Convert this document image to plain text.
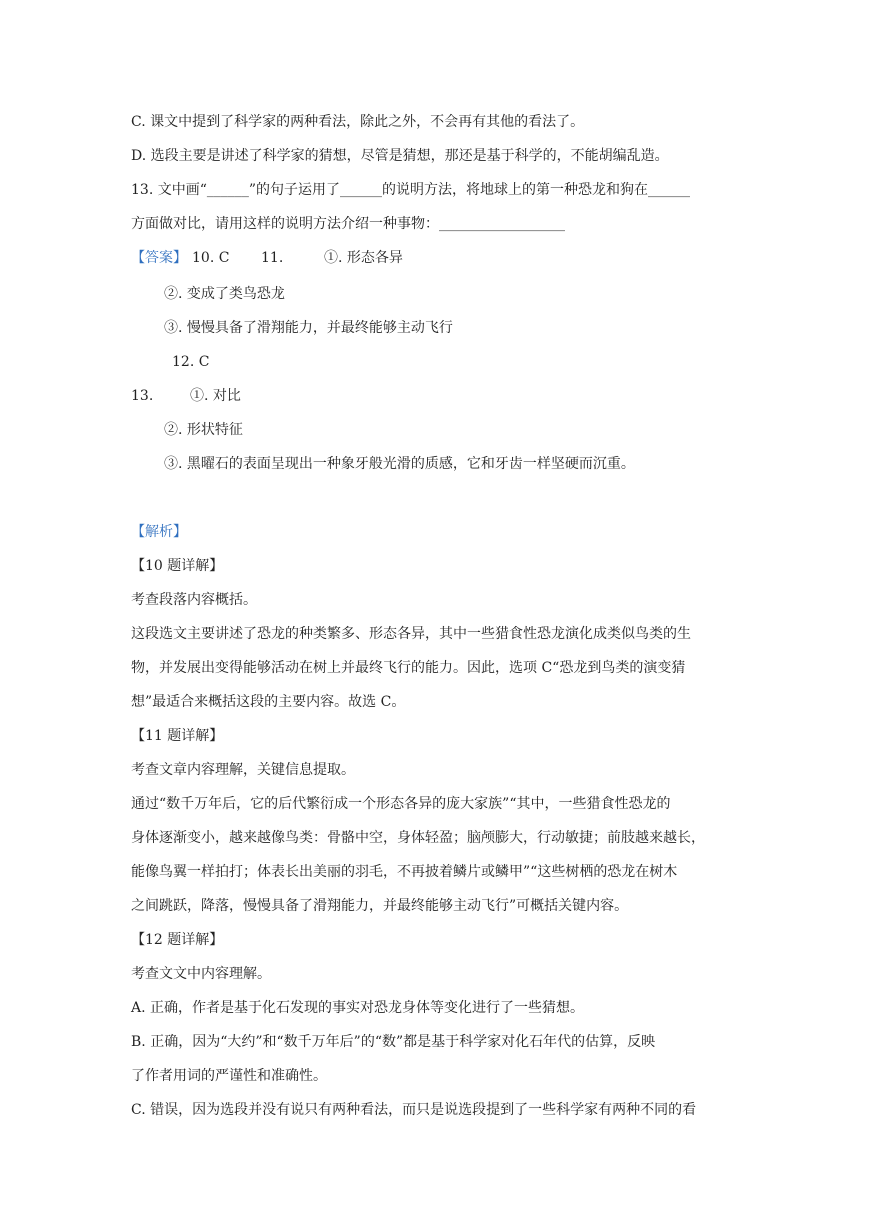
C. 课文中提到了科学家的两种看法，除此之外，不会再有其他的看法了。
D. 选段主要是讲述了科学家的猜想，尽管是猜想，那还是基于科学的，不能胡编乱造。
13. 文中画“______”的句子运用了______的说明方法，将地球上的第一种恐龙和狗在______
方面做对比，请用这样的说明方法介绍一种事物：__________________
【答案】 10. C 11.	①. 形态各异
②. 变成了类鸟恐龙
③. 慢慢具备了滑翔能力，并最终能够主动飞行
12. C
13.	①. 对比
②. 形状特征
③. 黑曜石的表面呈现出一种象牙般光滑的质感，它和牙齿一样坚硬而沉重。
【解析】
【10 题详解】
考查段落内容概括。
这段选文主要讲述了恐龙的种类繁多、形态各异，其中一些猎食性恐龙演化成类似鸟类的生
物，并发展出变得能够活动在树上并最终飞行的能力。因此，选项 C“恐龙到鸟类的演变猜
想”最适合来概括这段的主要内容。故选 C。
【11 题详解】
考查文章内容理解，关键信息提取。
通过“数千万年后，它的后代繁衍成一个形态各异的庞大家族”“其中，一些猎食性恐龙的
身体逐渐变小，越来越像鸟类：骨骼中空，身体轻盈；脑颅膨大，行动敏捷；前肢越来越长，
能像鸟翼一样拍打；体表长出美丽的羽毛，不再披着鳞片或鳞甲”“这些树栖的恐龙在树木
之间跳跃，降落，慢慢具备了滑翔能力，并最终能够主动飞行”可概括关键内容。
【12 题详解】
考查文文中内容理解。
A. 正确，作者是基于化石发现的事实对恐龙身体等变化进行了一些猜想。
B. 正确，因为“大约”和“数千万年后”的“数”都是基于科学家对化石年代的估算，反映
了作者用词的严谨性和准确性。
C. 错误，因为选段并没有说只有两种看法，而只是说选段提到了一些科学家有两种不同的看
